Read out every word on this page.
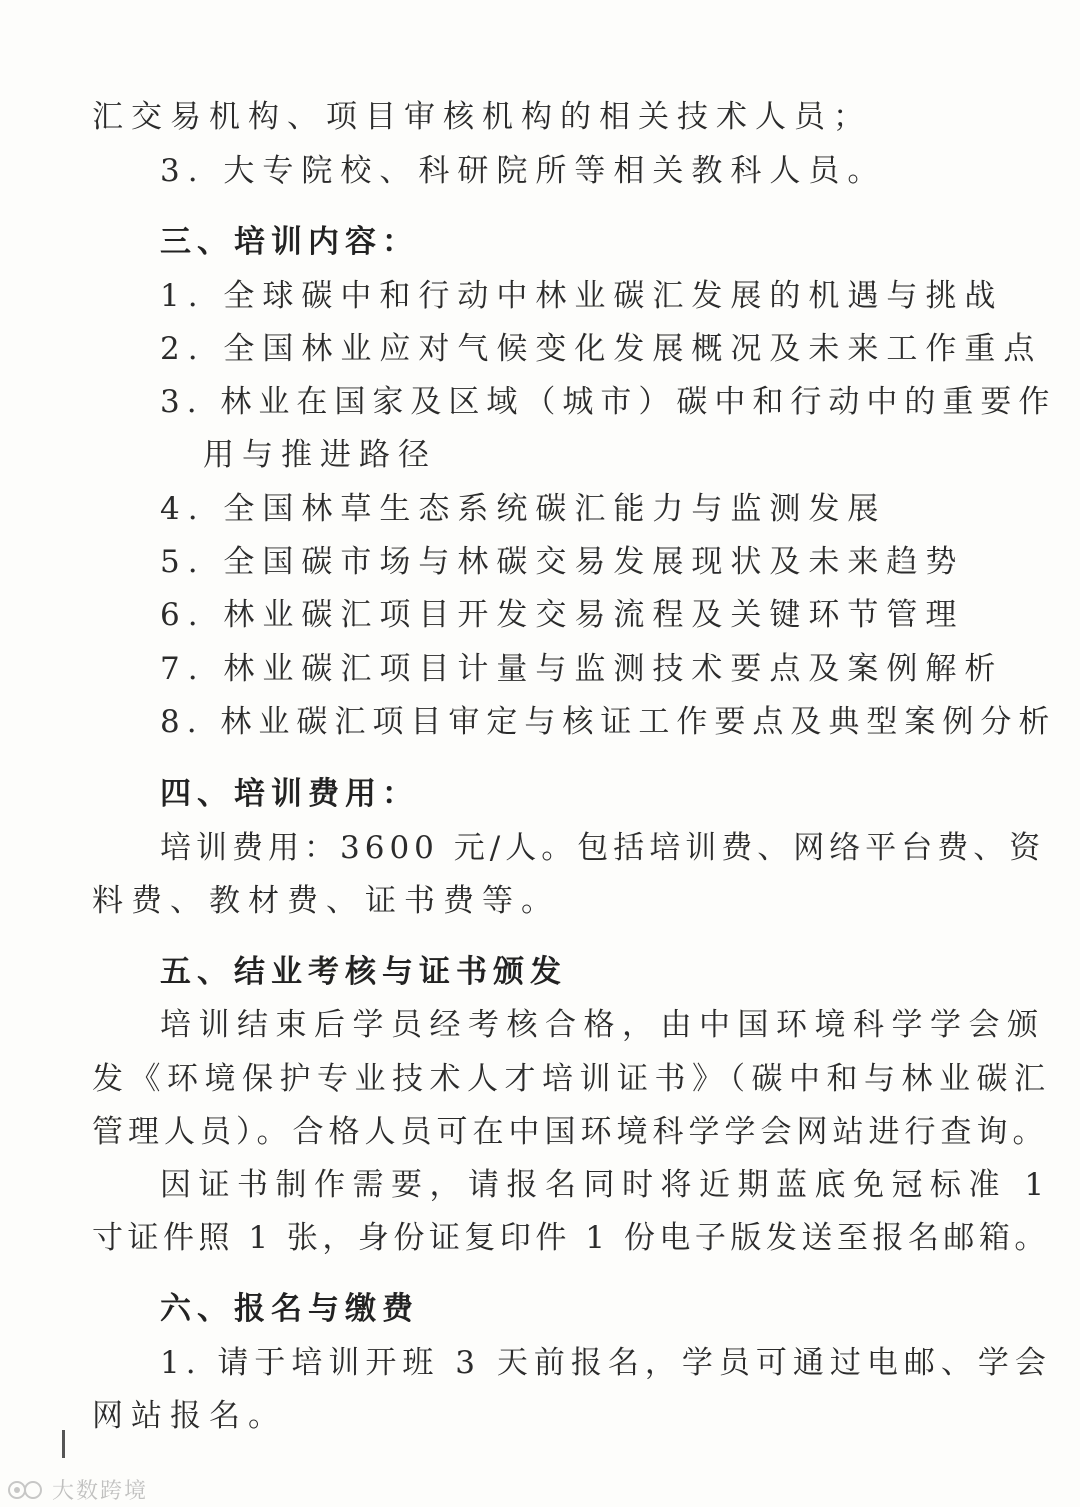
汇交易机构、项目审核机构的相关技术人员；
3. 大专院校、科研院所等相关教科人员。
三、培训内容：
1. 全球碳中和行动中林业碳汇发展的机遇与挑战
2. 全国林业应对气候变化发展概况及未来工作重点
3. 林业在国家及区域（城市）碳中和行动中的重要作
用与推进路径
4. 全国林草生态系统碳汇能力与监测发展
5. 全国碳市场与林碳交易发展现状及未来趋势
6. 林业碳汇项目开发交易流程及关键环节管理
7. 林业碳汇项目计量与监测技术要点及案例解析
8. 林业碳汇项目审定与核证工作要点及典型案例分析
四、培训费用：
培训费用：3600 元/人。包括培训费、网络平台费、资
料费、教材费、证书费等。
五、结业考核与证书颁发
培训结束后学员经考核合格，由中国环境科学学会颁
发《环境保护专业技术人才培训证书》（碳中和与林业碳汇
管理人员）。合格人员可在中国环境科学学会网站进行查询。
因证书制作需要，请报名同时将近期蓝底免冠标准 1
寸证件照 1 张，身份证复印件 1 份电子版发送至报名邮箱。
六、报名与缴费
1. 请于培训开班 3 天前报名，学员可通过电邮、学会
网站报名。
大数跨境
